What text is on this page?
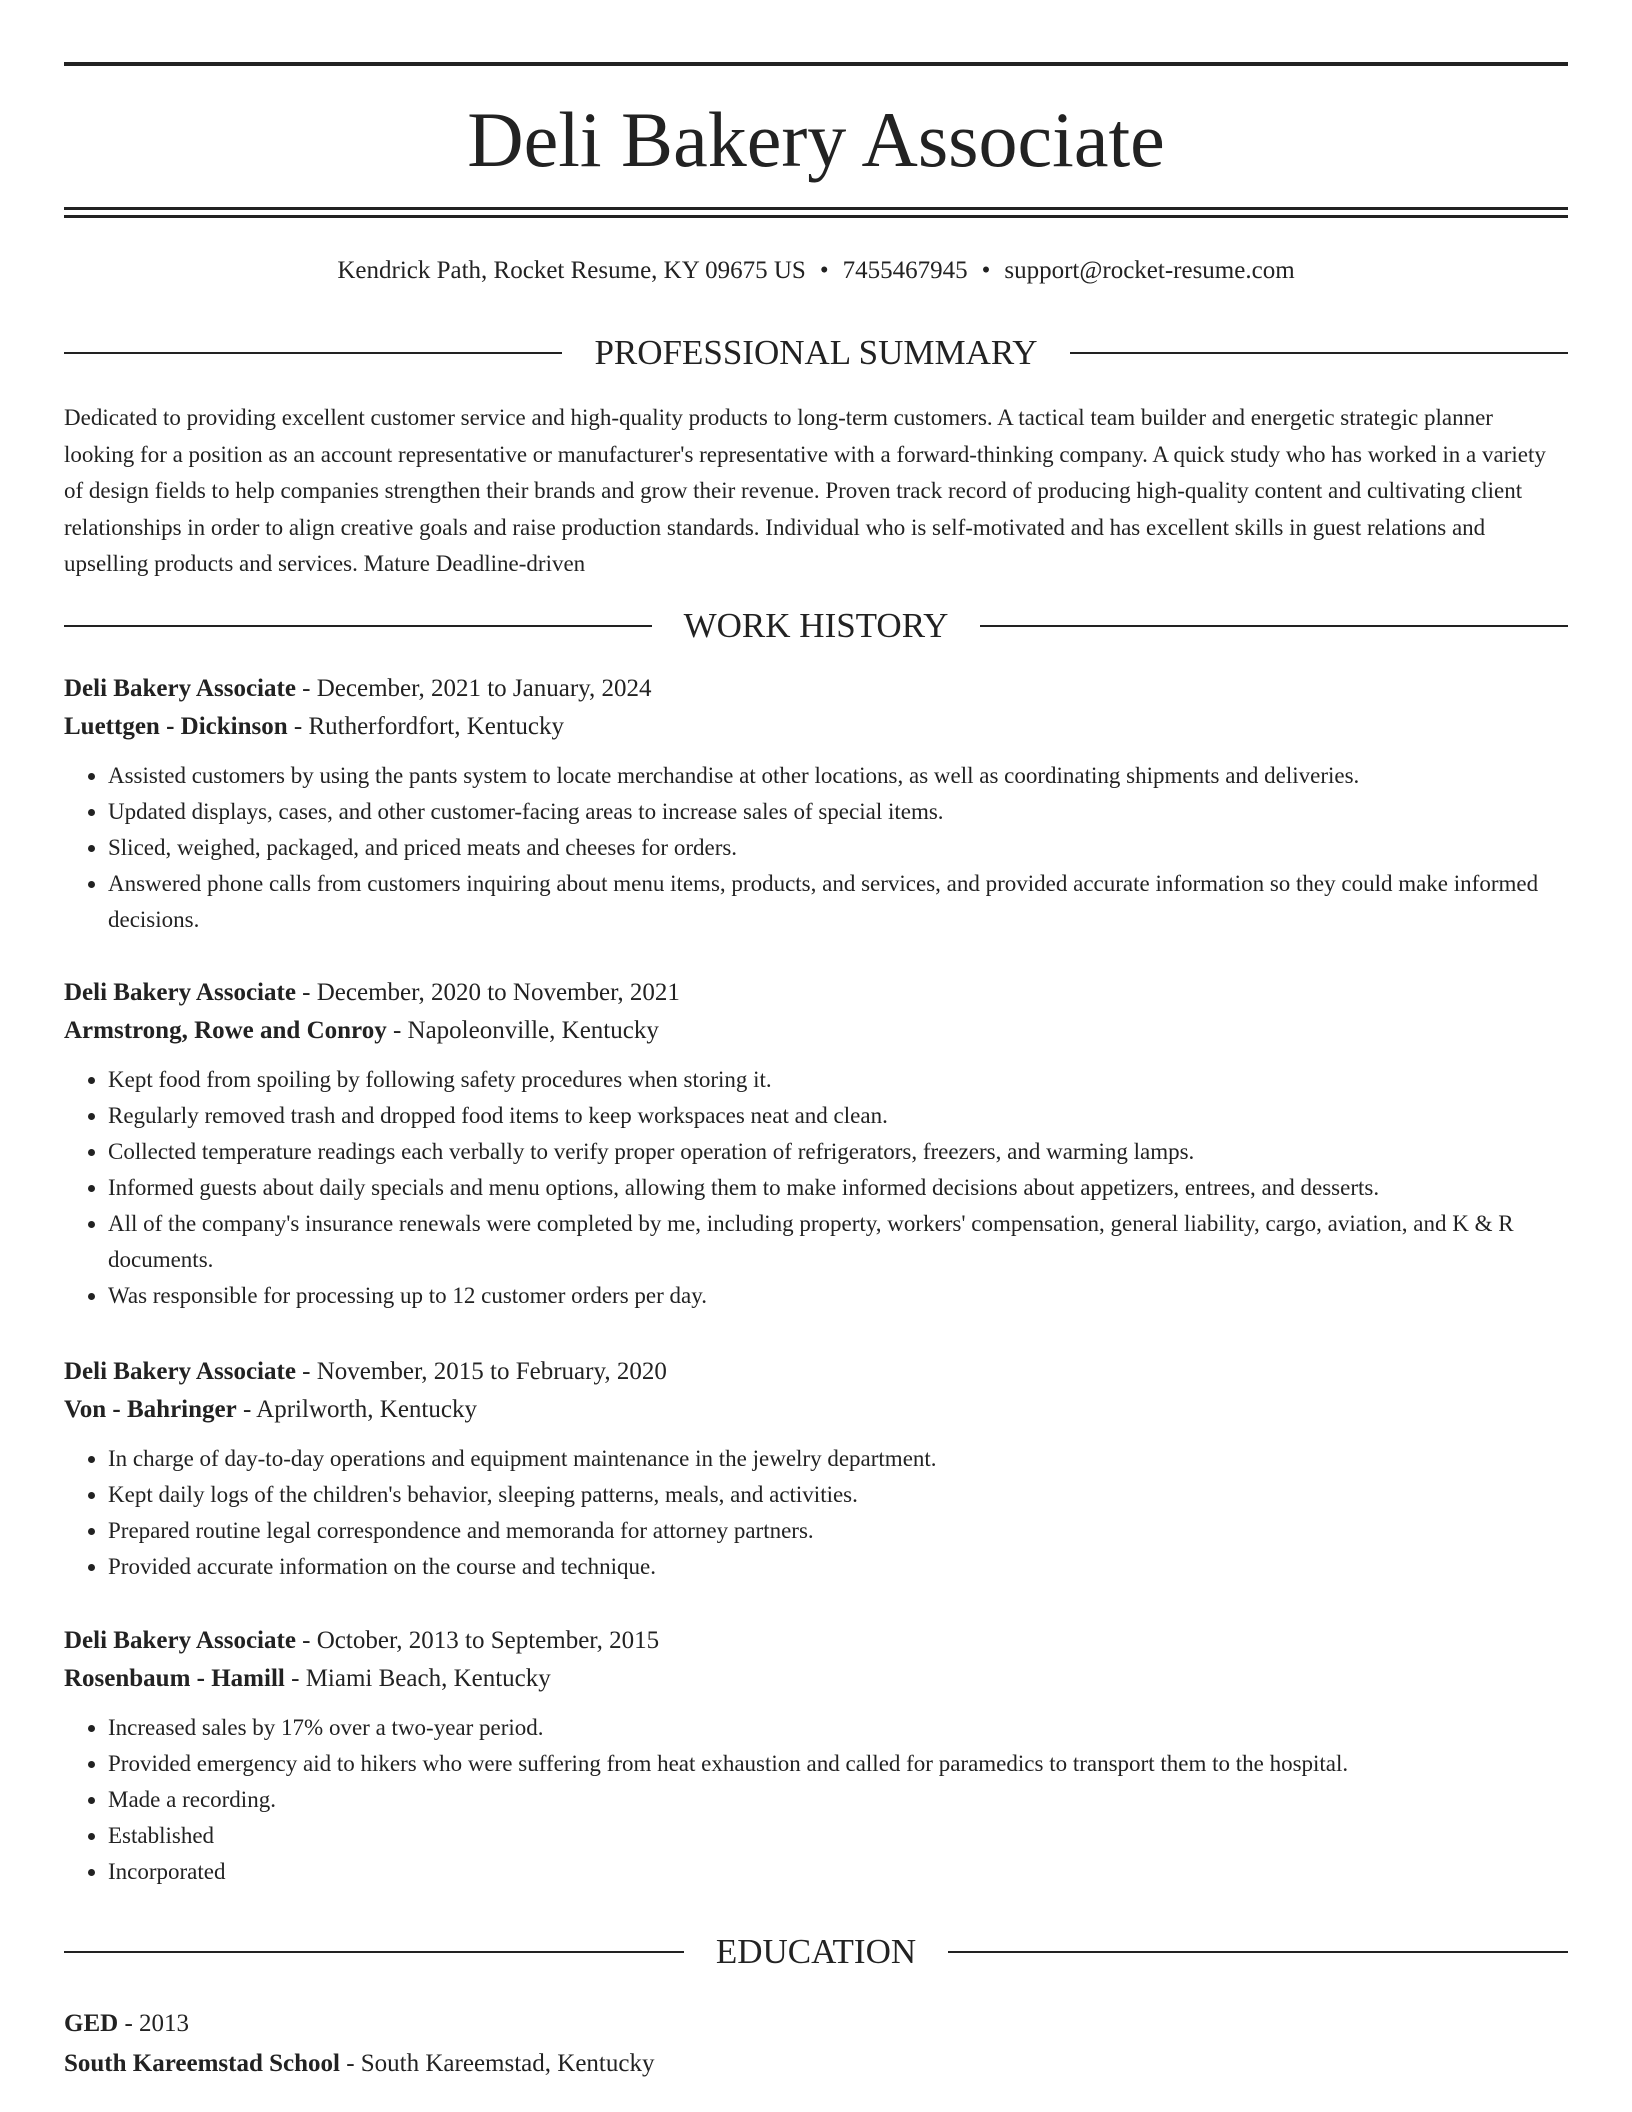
Deli Bakery Associate
Kendrick Path, Rocket Resume, KY 09675 US • 7455467945 • support@rocket-resume.com
PROFESSIONAL SUMMARY
Dedicated to providing excellent customer service and high-quality products to long-term customers. A tactical team builder and energetic strategic planner looking for a position as an account representative or manufacturer's representative with a forward-thinking company. A quick study who has worked in a variety of design fields to help companies strengthen their brands and grow their revenue. Proven track record of producing high-quality content and cultivating client relationships in order to align creative goals and raise production standards. Individual who is self-motivated and has excellent skills in guest relations and upselling products and services. Mature Deadline-driven
WORK HISTORY
Deli Bakery Associate - December, 2021 to January, 2024
Luettgen - Dickinson - Rutherfordfort, Kentucky
• Assisted customers by using the pants system to locate merchandise at other locations, as well as coordinating shipments and deliveries.
• Updated displays, cases, and other customer-facing areas to increase sales of special items.
• Sliced, weighed, packaged, and priced meats and cheeses for orders.
• Answered phone calls from customers inquiring about menu items, products, and services, and provided accurate information so they could make informed decisions.
Deli Bakery Associate - December, 2020 to November, 2021
Armstrong, Rowe and Conroy - Napoleonville, Kentucky
• Kept food from spoiling by following safety procedures when storing it.
• Regularly removed trash and dropped food items to keep workspaces neat and clean.
• Collected temperature readings each verbally to verify proper operation of refrigerators, freezers, and warming lamps.
• Informed guests about daily specials and menu options, allowing them to make informed decisions about appetizers, entrees, and desserts.
• All of the company's insurance renewals were completed by me, including property, workers' compensation, general liability, cargo, aviation, and K & R documents.
• Was responsible for processing up to 12 customer orders per day.
Deli Bakery Associate - November, 2015 to February, 2020
Von - Bahringer - Aprilworth, Kentucky
• In charge of day-to-day operations and equipment maintenance in the jewelry department.
• Kept daily logs of the children's behavior, sleeping patterns, meals, and activities.
• Prepared routine legal correspondence and memoranda for attorney partners.
• Provided accurate information on the course and technique.
Deli Bakery Associate - October, 2013 to September, 2015
Rosenbaum - Hamill - Miami Beach, Kentucky
• Increased sales by 17% over a two-year period.
• Provided emergency aid to hikers who were suffering from heat exhaustion and called for paramedics to transport them to the hospital.
• Made a recording.
• Established
• Incorporated
EDUCATION
GED - 2013
South Kareemstad School - South Kareemstad, Kentucky
